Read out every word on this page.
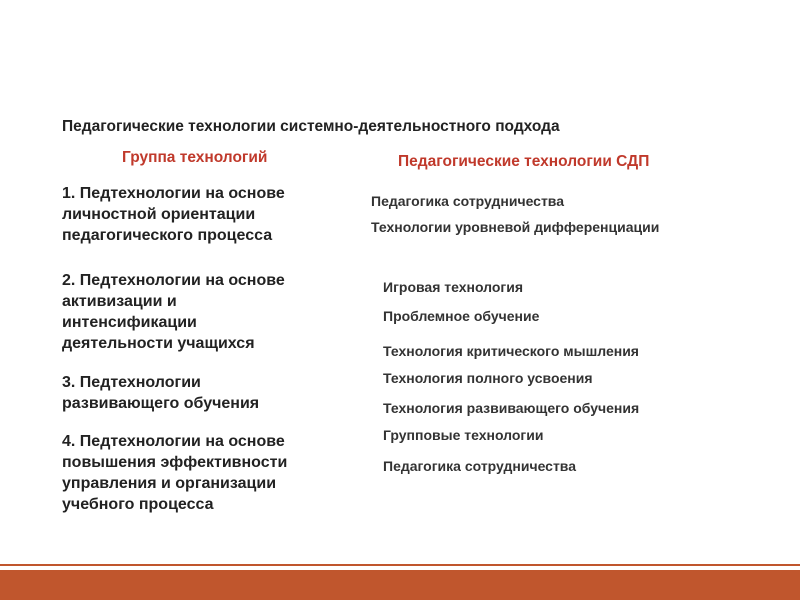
Педагогические технологии системно-деятельностного подхода
Группа технологий	Педагогические технологии СДП
1. Педтехнологии на основе личностной ориентации педагогического процесса
2. Педтехнологии на основе активизации и интенсификации деятельности учащихся
3. Педтехнологии развивающего обучения
4. Педтехнологии на основе повышения эффективности управления и организации учебного процесса
Педагогика сотрудничества
Технологии уровневой дифференциации
Игровая технология
Проблемное обучение
Технология критического мышления
Технология полного усвоения
Технология развивающего обучения
Групповые технологии
Педагогика сотрудничества
